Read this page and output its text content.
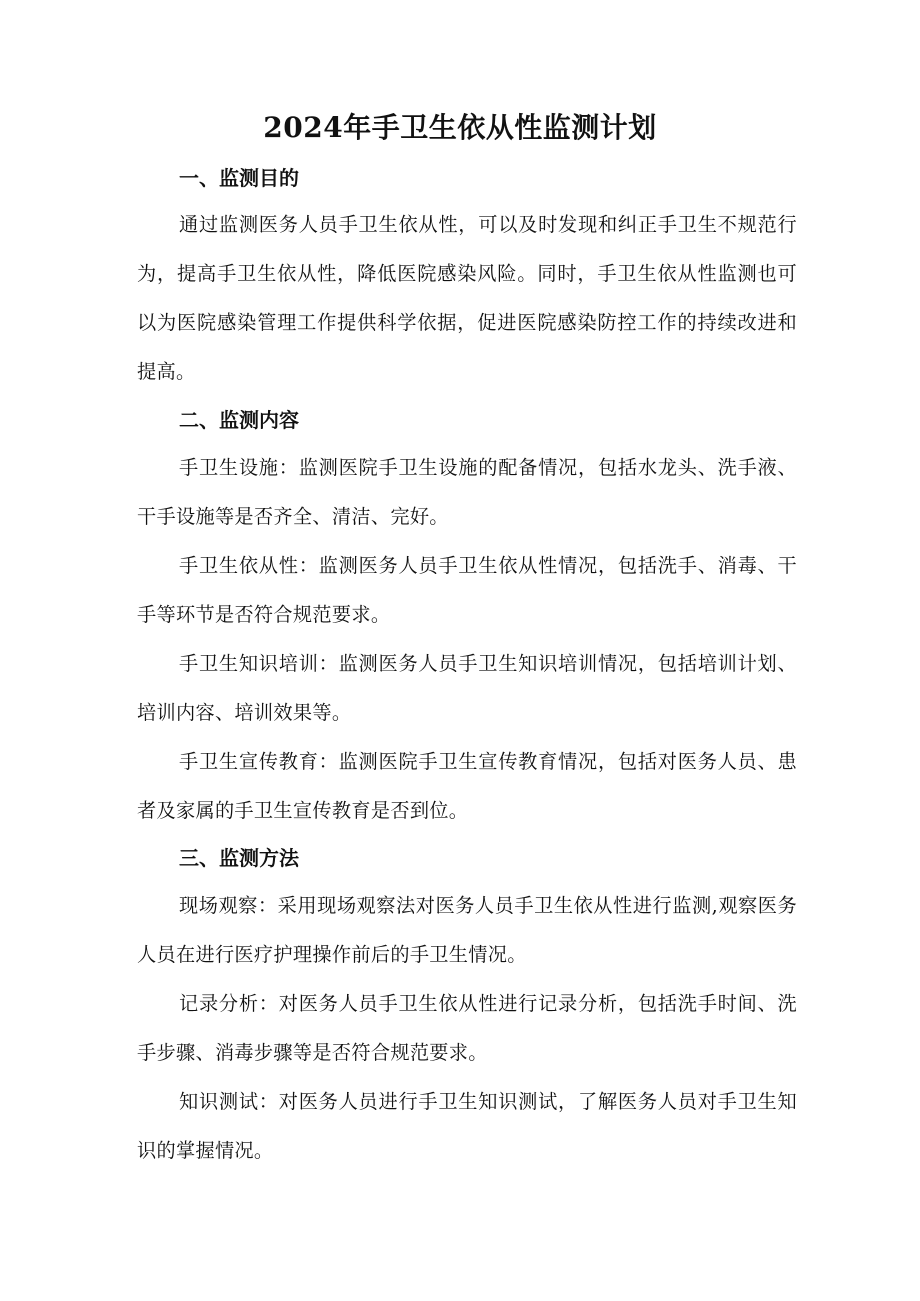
2024年手卫生依从性监测计划
一、监测目的

通过监测医务人员手卫生依从性，可以及时发现和纠正手卫生不规范行为，提高手卫生依从性，降低医院感染风险。同时，手卫生依从性监测也可以为医院感染管理工作提供科学依据，促进医院感染防控工作的持续改进和提高。

二、监测内容

手卫生设施：监测医院手卫生设施的配备情况，包括水龙头、洗手液、干手设施等是否齐全、清洁、完好。

手卫生依从性：监测医务人员手卫生依从性情况，包括洗手、消毒、干手等环节是否符合规范要求。

手卫生知识培训：监测医务人员手卫生知识培训情况，包括培训计划、培训内容、培训效果等。

手卫生宣传教育：监测医院手卫生宣传教育情况，包括对医务人员、患者及家属的手卫生宣传教育是否到位。

三、监测方法

现场观察：采用现场观察法对医务人员手卫生依从性进行监测,观察医务人员在进行医疗护理操作前后的手卫生情况。

记录分析：对医务人员手卫生依从性进行记录分析，包括洗手时间、洗手步骤、消毒步骤等是否符合规范要求。

知识测试：对医务人员进行手卫生知识测试，了解医务人员对手卫生知识的掌握情况。
